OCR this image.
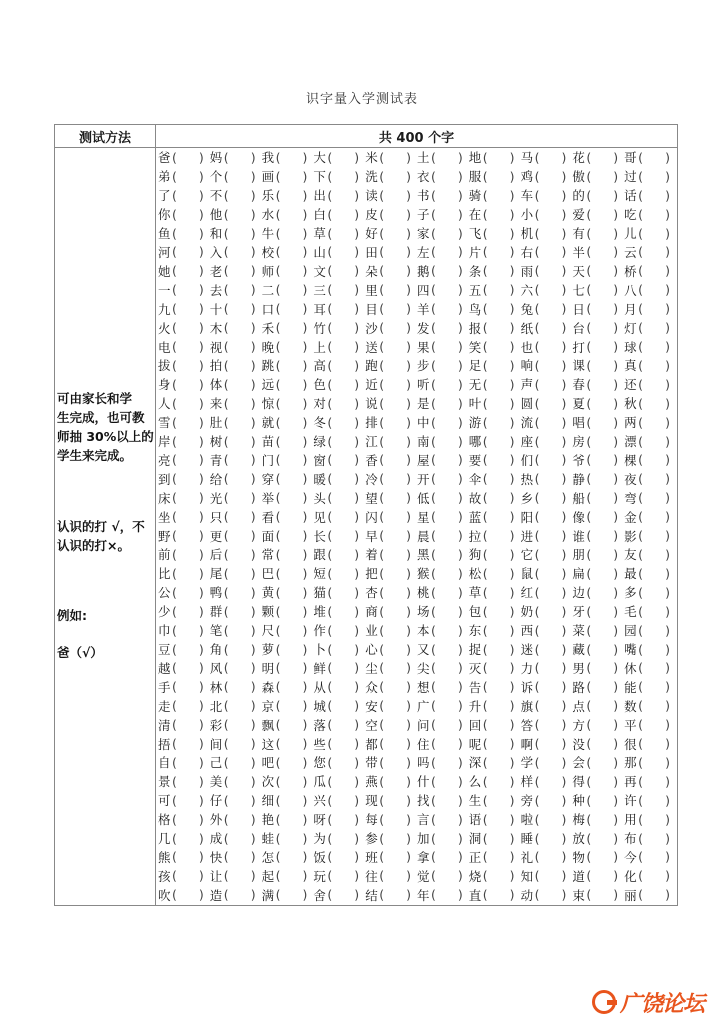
识字量入学测试表
测试方法	共 400 个字
可由家长和学
生完成，也可教
师抽 30%以上的
学生来完成。
认识的打 √，不
认识的打×。
例如:
爸（√）
爸 ( ) 妈 ( ) 我 ( ) 大 ( ) 米 ( ) 土 ( ) 地 ( ) 马 ( ) 花 ( ) 哥 ( )
弟 ( ) 个 ( ) 画 ( ) 下 ( ) 洗 ( ) 衣 ( ) 服 ( ) 鸡 ( ) 傲 ( ) 过 ( )
了 ( ) 不 ( ) 乐 ( ) 出 ( ) 读 ( ) 书 ( ) 骑 ( ) 车 ( ) 的 ( ) 话 ( )
你 ( ) 他 ( ) 水 ( ) 白 ( ) 皮 ( ) 子 ( ) 在 ( ) 小 ( ) 爱 ( ) 吃 ( )
鱼 ( ) 和 ( ) 牛 ( ) 草 ( ) 好 ( ) 家 ( ) 飞 ( ) 机 ( ) 有 ( ) 儿 ( )
河 ( ) 入 ( ) 校 ( ) 山 ( ) 田 ( ) 左 ( ) 片 ( ) 右 ( ) 半 ( ) 云 ( )
她 ( ) 老 ( ) 师 ( ) 文 ( ) 朵 ( ) 鹅 ( ) 条 ( ) 雨 ( ) 天 ( ) 桥 ( )
一 ( ) 去 ( ) 二 ( ) 三 ( ) 里 ( ) 四 ( ) 五 ( ) 六 ( ) 七 ( ) 八 ( )
九 ( ) 十 ( ) 口 ( ) 耳 ( ) 目 ( ) 羊 ( ) 鸟 ( ) 兔 ( ) 日 ( ) 月 ( )
火 ( ) 木 ( ) 禾 ( ) 竹 ( ) 沙 ( ) 发 ( ) 报 ( ) 纸 ( ) 台 ( ) 灯 ( )
电 ( ) 视 ( ) 晚 ( ) 上 ( ) 送 ( ) 果 ( ) 笑 ( ) 也 ( ) 打 ( ) 球 ( )
拔 ( ) 拍 ( ) 跳 ( ) 高 ( ) 跑 ( ) 步 ( ) 足 ( ) 响 ( ) 课 ( ) 真 ( )
身 ( ) 体 ( ) 远 ( ) 色 ( ) 近 ( ) 听 ( ) 无 ( ) 声 ( ) 春 ( ) 还 ( )
人 ( ) 来 ( ) 惊 ( ) 对 ( ) 说 ( ) 是 ( ) 叶 ( ) 圆 ( ) 夏 ( ) 秋 ( )
雪 ( ) 肚 ( ) 就 ( ) 冬 ( ) 排 ( ) 中 ( ) 游 ( ) 流 ( ) 唱 ( ) 两 ( )
岸 ( ) 树 ( ) 苗 ( ) 绿 ( ) 江 ( ) 南 ( ) 哪 ( ) 座 ( ) 房 ( ) 漂 ( )
亮 ( ) 青 ( ) 门 ( ) 窗 ( ) 香 ( ) 屋 ( ) 要 ( ) 们 ( ) 爷 ( ) 棵 ( )
到 ( ) 给 ( ) 穿 ( ) 暖 ( ) 冷 ( ) 开 ( ) 伞 ( ) 热 ( ) 静 ( ) 夜 ( )
床 ( ) 光 ( ) 举 ( ) 头 ( ) 望 ( ) 低 ( ) 故 ( ) 乡 ( ) 船 ( ) 弯 ( )
坐 ( ) 只 ( ) 看 ( ) 见 ( ) 闪 ( ) 星 ( ) 蓝 ( ) 阳 ( ) 像 ( ) 金 ( )
野 ( ) 更 ( ) 面 ( ) 长 ( ) 早 ( ) 晨 ( ) 拉 ( ) 进 ( ) 谁 ( ) 影 ( )
前 ( ) 后 ( ) 常 ( ) 跟 ( ) 着 ( ) 黑 ( ) 狗 ( ) 它 ( ) 朋 ( ) 友 ( )
比 ( ) 尾 ( ) 巴 ( ) 短 ( ) 把 ( ) 猴 ( ) 松 ( ) 鼠 ( ) 扁 ( ) 最 ( )
公 ( ) 鸭 ( ) 黄 ( ) 猫 ( ) 杏 ( ) 桃 ( ) 草 ( ) 红 ( ) 边 ( ) 多 ( )
少 ( ) 群 ( ) 颗 ( ) 堆 ( ) 商 ( ) 场 ( ) 包 ( ) 奶 ( ) 牙 ( ) 毛 ( )
巾 ( ) 笔 ( ) 尺 ( ) 作 ( ) 业 ( ) 本 ( ) 东 ( ) 西 ( ) 菜 ( ) 园 ( )
豆 ( ) 角 ( ) 萝 ( ) 卜 ( ) 心 ( ) 又 ( ) 捉 ( ) 迷 ( ) 藏 ( ) 嘴 ( )
越 ( ) 风 ( ) 明 ( ) 鲜 ( ) 尘 ( ) 尖 ( ) 灭 ( ) 力 ( ) 男 ( ) 休 ( )
手 ( ) 林 ( ) 森 ( ) 从 ( ) 众 ( ) 想 ( ) 告 ( ) 诉 ( ) 路 ( ) 能 ( )
走 ( ) 北 ( ) 京 ( ) 城 ( ) 安 ( ) 广 ( ) 升 ( ) 旗 ( ) 点 ( ) 数 ( )
清 ( ) 彩 ( ) 飘 ( ) 落 ( ) 空 ( ) 问 ( ) 回 ( ) 答 ( ) 方 ( ) 平 ( )
捂 ( ) 间 ( ) 这 ( ) 些 ( ) 都 ( ) 住 ( ) 呢 ( ) 啊 ( ) 没 ( ) 很 ( )
自 ( ) 己 ( ) 吧 ( ) 您 ( ) 带 ( ) 吗 ( ) 深 ( ) 学 ( ) 会 ( ) 那 ( )
景 ( ) 美 ( ) 次 ( ) 瓜 ( ) 燕 ( ) 什 ( ) 么 ( ) 样 ( ) 得 ( ) 再 ( )
可 ( ) 仔 ( ) 细 ( ) 兴 ( ) 现 ( ) 找 ( ) 生 ( ) 旁 ( ) 种 ( ) 许 ( )
格 ( ) 外 ( ) 艳 ( ) 呀 ( ) 每 ( ) 言 ( ) 语 ( ) 啦 ( ) 梅 ( ) 用 ( )
几 ( ) 成 ( ) 蛙 ( ) 为 ( ) 参 ( ) 加 ( ) 洞 ( ) 睡 ( ) 放 ( ) 布 ( )
熊 ( ) 快 ( ) 怎 ( ) 饭 ( ) 班 ( ) 拿 ( ) 正 ( ) 礼 ( ) 物 ( ) 今 ( )
孩 ( ) 让 ( ) 起 ( ) 玩 ( ) 往 ( ) 觉 ( ) 烧 ( ) 知 ( ) 道 ( ) 化 ( )
吹 ( ) 造 ( ) 满 ( ) 舍 ( ) 结 ( ) 年 ( ) 直 ( ) 动 ( ) 束 ( ) 丽 ( )
广饶论坛
